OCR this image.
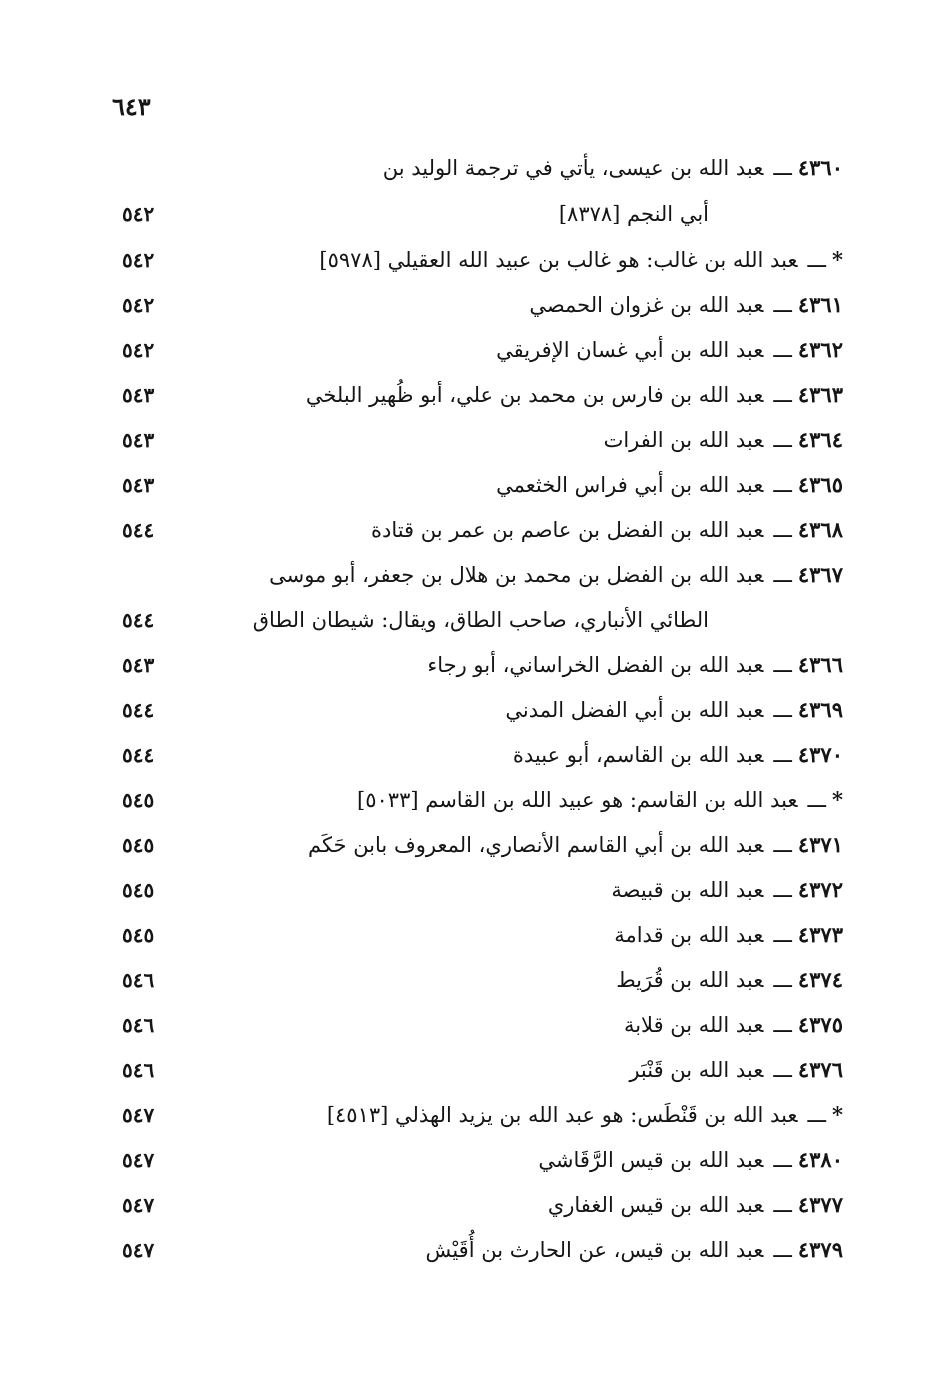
٦٤٣
٤٣٦٠ـــعبد الله بن عيسى، يأتي في ترجمة الوليد بن
أبي النجم [٨٣٧٨]
٥٤٢
*ـــعبد الله بن غالب: هو غالب بن عبيد الله العقيلي [٥٩٧٨]
٥٤٢
٤٣٦١ـــعبد الله بن غزوان الحمصي
٥٤٢
٤٣٦٢ـــعبد الله بن أبي غسان الإفريقي
٥٤٢
٤٣٦٣ـــعبد الله بن فارس بن محمد بن علي، أبو ظُهير البلخي
٥٤٣
٤٣٦٤ـــعبد الله بن الفرات
٥٤٣
٤٣٦٥ـــعبد الله بن أبي فراس الخثعمي
٥٤٣
٤٣٦٨ـــعبد الله بن الفضل بن عاصم بن عمر بن قتادة
٥٤٤
٤٣٦٧ـــعبد الله بن الفضل بن محمد بن هلال بن جعفر، أبو موسى
الطائي الأنباري، صاحب الطاق، ويقال: شيطان الطاق
٥٤٤
٤٣٦٦ـــعبد الله بن الفضل الخراساني، أبو رجاء
٥٤٣
٤٣٦٩ـــعبد الله بن أبي الفضل المدني
٥٤٤
٤٣٧٠ـــعبد الله بن القاسم، أبو عبيدة
٥٤٤
*ـــعبد الله بن القاسم: هو عبيد الله بن القاسم [٥٠٣٣]
٥٤٥
٤٣٧١ـــعبد الله بن أبي القاسم الأنصاري، المعروف بابن حَكَم
٥٤٥
٤٣٧٢ـــعبد الله بن قبيصة
٥٤٥
٤٣٧٣ـــعبد الله بن قدامة
٥٤٥
٤٣٧٤ـــعبد الله بن قُرَيط
٥٤٦
٤٣٧٥ـــعبد الله بن قلابة
٥٤٦
٤٣٧٦ـــعبد الله بن قَنْبَر
٥٤٦
*ـــعبد الله بن قَنْطَس: هو عبد الله بن يزيد الهذلي [٤٥١٣]
٥٤٧
٤٣٨٠ـــعبد الله بن قيس الرَّقَاشي
٥٤٧
٤٣٧٧ـــعبد الله بن قيس الغفاري
٥٤٧
٤٣٧٩ـــعبد الله بن قيس، عن الحارث بن أُقَيْش
٥٤٧
